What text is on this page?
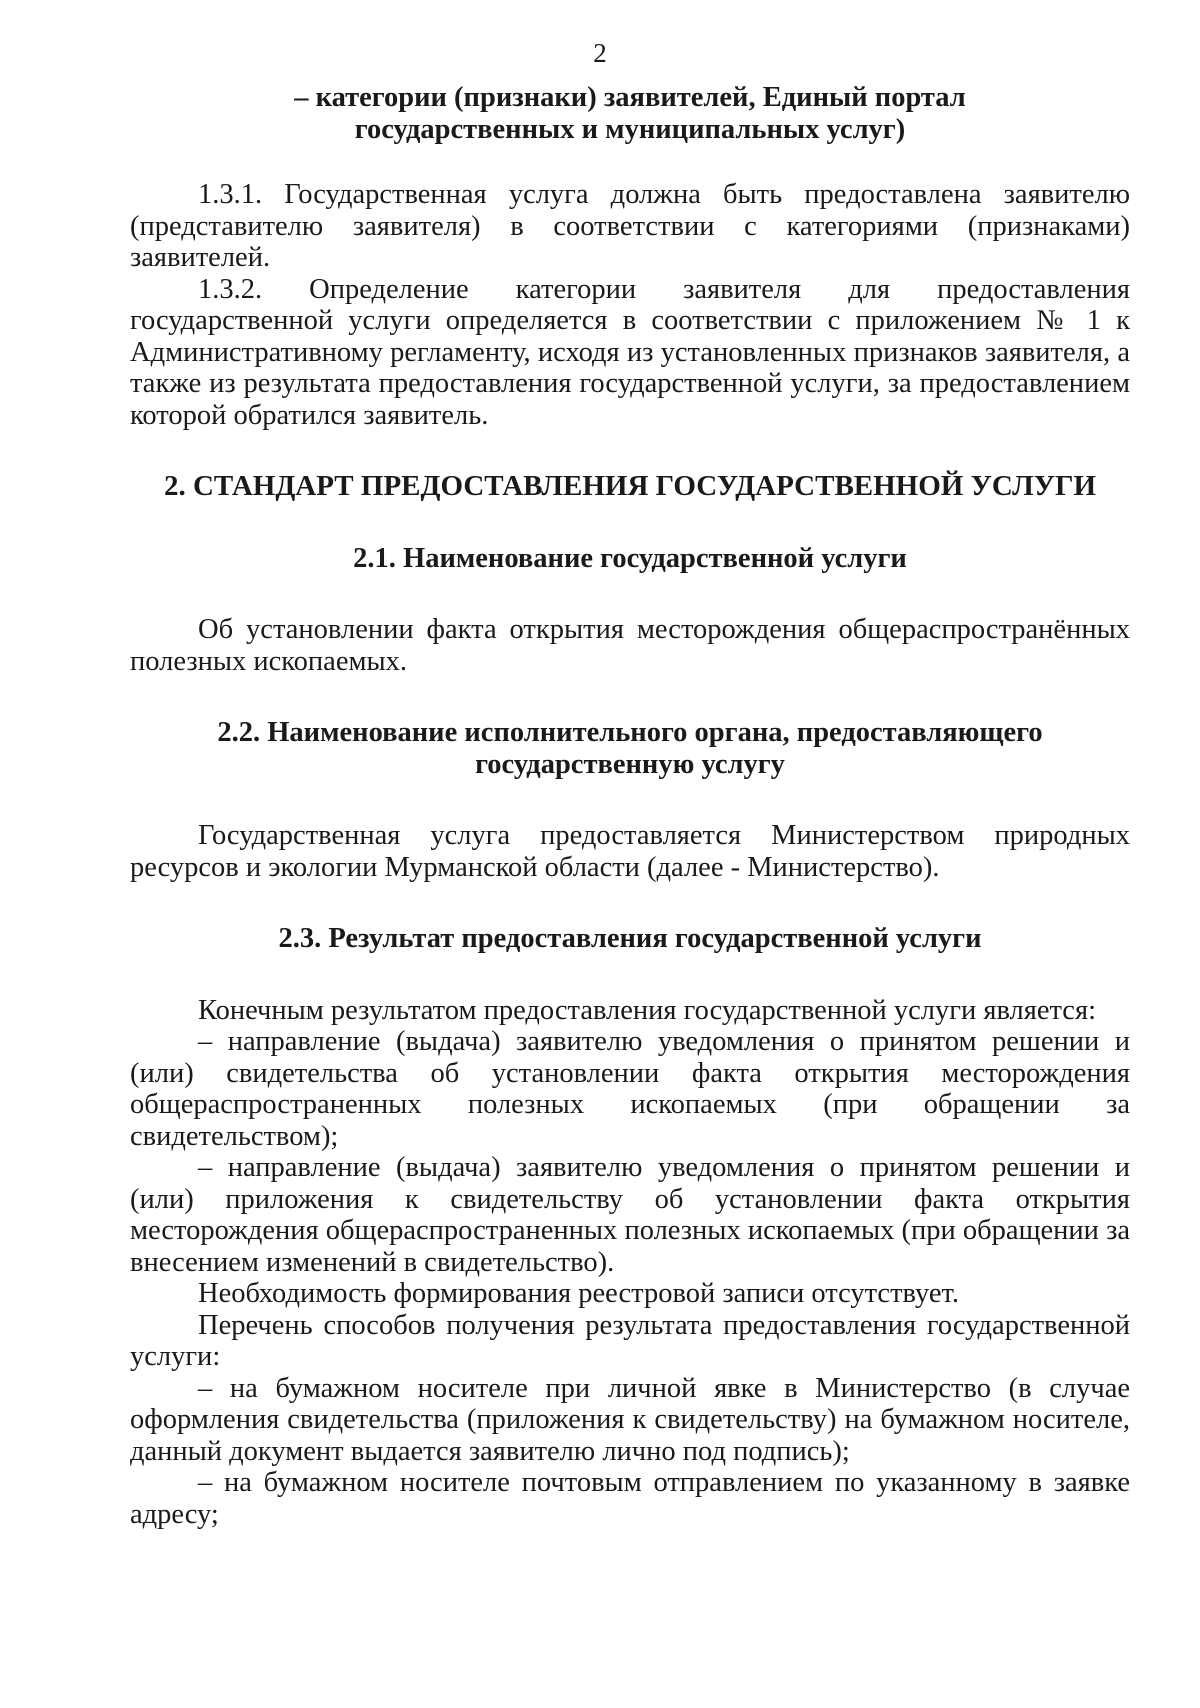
2
– категории (признаки) заявителей, Единый портал
государственных и муниципальных услуг)

1.3.1. Государственная услуга должна быть предоставлена заявителю (представителю заявителя) в соответствии с категориями (признаками) заявителей.

1.3.2. Определение категории заявителя для предоставления государственной услуги определяется в соответствии с приложением № 1 к Административному регламенту, исходя из установленных признаков заявителя, а также из результата предоставления государственной услуги, за предоставлением которой обратился заявитель.

2. СТАНДАРТ ПРЕДОСТАВЛЕНИЯ ГОСУДАРСТВЕННОЙ УСЛУГИ
2.1. Наименование государственной услуги

Об установлении факта открытия месторождения общераспространённых полезных ископаемых.

2.2. Наименование исполнительного органа, предоставляющего
государственную услугу

Государственная услуга предоставляется Министерством природных ресурсов и экологии Мурманской области (далее - Министерство).

2.3. Результат предоставления государственной услуги

Конечным результатом предоставления государственной услуги является:

– направление (выдача) заявителю уведомления о принятом решении и (или) свидетельства об установлении факта открытия месторождения общераспространенных полезных ископаемых (при обращении за свидетельством);

– направление (выдача) заявителю уведомления о принятом решении и (или) приложения к свидетельству об установлении факта открытия месторождения общераспространенных полезных ископаемых (при обращении за внесением изменений в свидетельство).

Необходимость формирования реестровой записи отсутствует.

Перечень способов получения результата предоставления государственной услуги:

– на бумажном носителе при личной явке в Министерство (в случае оформления свидетельства (приложения к свидетельству) на бумажном носителе, данный документ выдается заявителю лично под подпись);

– на бумажном носителе почтовым отправлением по указанному в заявке адресу;
